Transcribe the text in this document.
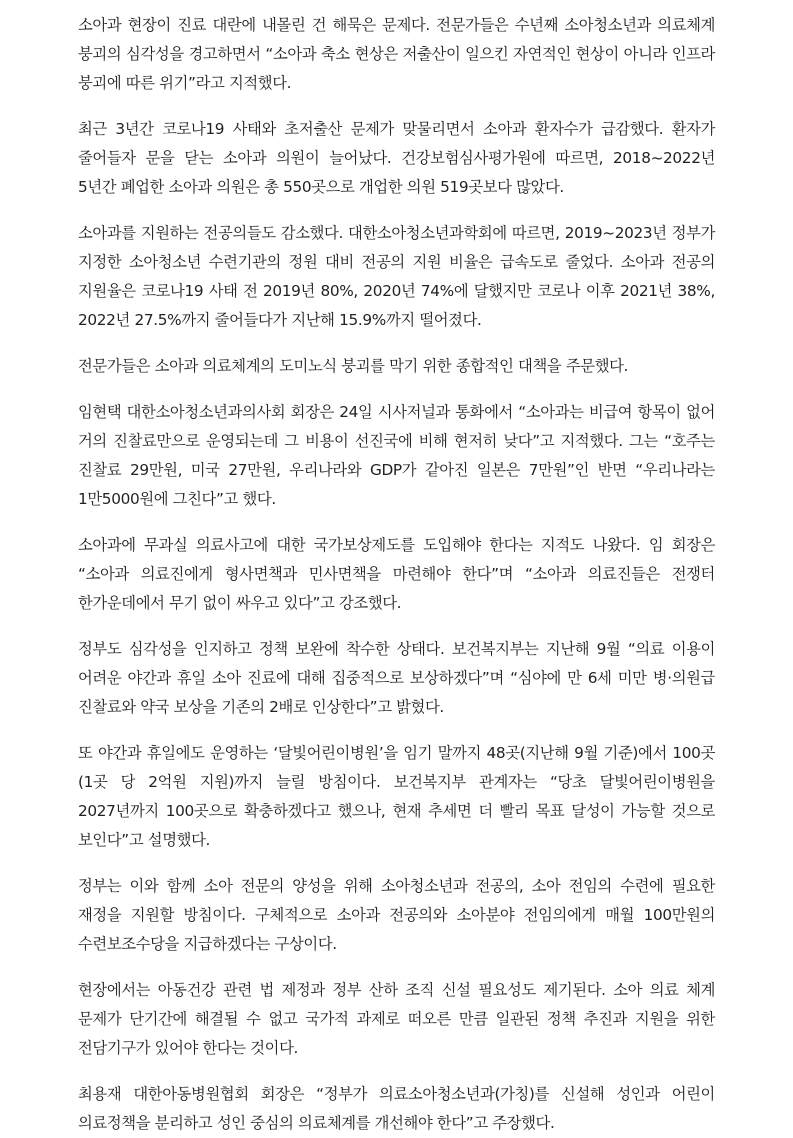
소아과 현장이 진료 대란에 내몰린 건 해묵은 문제다. 전문가들은 수년째 소아청소년과 의료체계 붕괴의 심각성을 경고하면서 “소아과 축소 현상은 저출산이 일으킨 자연적인 현상이 아니라 인프라 붕괴에 따른 위기”라고 지적했다.

최근 3년간 코로나19 사태와 초저출산 문제가 맞물리면서 소아과 환자수가 급감했다. 환자가 줄어들자 문을 닫는 소아과 의원이 늘어났다. 건강보험심사평가원에 따르면, 2018~2022년 5년간 폐업한 소아과 의원은 총 550곳으로 개업한 의원 519곳보다 많았다.

소아과를 지원하는 전공의들도 감소했다. 대한소아청소년과학회에 따르면, 2019~2023년 정부가 지정한 소아청소년 수련기관의 정원 대비 전공의 지원 비율은 급속도로 줄었다. 소아과 전공의 지원율은 코로나19 사태 전 2019년 80%, 2020년 74%에 달했지만 코로나 이후 2021년 38%, 2022년 27.5%까지 줄어들다가 지난해 15.9%까지 떨어졌다.

전문가들은 소아과 의료체계의 도미노식 붕괴를 막기 위한 종합적인 대책을 주문했다.

임현택 대한소아청소년과의사회 회장은 24일 시사저널과 통화에서 “소아과는 비급여 항목이 없어 거의 진찰료만으로 운영되는데 그 비용이 선진국에 비해 현저히 낮다”고 지적했다. 그는 “호주는 진찰료 29만원, 미국 27만원, 우리나라와 GDP가 같아진 일본은 7만원”인 반면 “우리나라는 1만5000원에 그친다”고 했다.

소아과에 무과실 의료사고에 대한 국가보상제도를 도입해야 한다는 지적도 나왔다. 임 회장은 “소아과 의료진에게 형사면책과 민사면책을 마련해야 한다”며 “소아과 의료진들은 전쟁터 한가운데에서 무기 없이 싸우고 있다”고 강조했다.

정부도 심각성을 인지하고 정책 보완에 착수한 상태다. 보건복지부는 지난해 9월 “의료 이용이 어려운 야간과 휴일 소아 진료에 대해 집중적으로 보상하겠다”며 “심야에 만 6세 미만 병·의원급 진찰료와 약국 보상을 기존의 2배로 인상한다”고 밝혔다.

또 야간과 휴일에도 운영하는 ‘달빛어린이병원’을 임기 말까지 48곳(지난해 9월 기준)에서 100곳(1곳 당 2억원 지원)까지 늘릴 방침이다. 보건복지부 관계자는 “당초 달빛어린이병원을 2027년까지 100곳으로 확충하겠다고 했으나, 현재 추세면 더 빨리 목표 달성이 가능할 것으로 보인다”고 설명했다.

정부는 이와 함께 소아 전문의 양성을 위해 소아청소년과 전공의, 소아 전임의 수련에 필요한 재정을 지원할 방침이다. 구체적으로 소아과 전공의와 소아분야 전임의에게 매월 100만원의 수련보조수당을 지급하겠다는 구상이다.

현장에서는 아동건강 관련 법 제정과 정부 산하 조직 신설 필요성도 제기된다. 소아 의료 체계 문제가 단기간에 해결될 수 없고 국가적 과제로 떠오른 만큼 일관된 정책 추진과 지원을 위한 전담기구가 있어야 한다는 것이다.

최용재 대한아동병원협회 회장은 “정부가 의료소아청소년과(가칭)를 신설해 성인과 어린이 의료정책을 분리하고 성인 중심의 의료체계를 개선해야 한다”고 주장했다.
